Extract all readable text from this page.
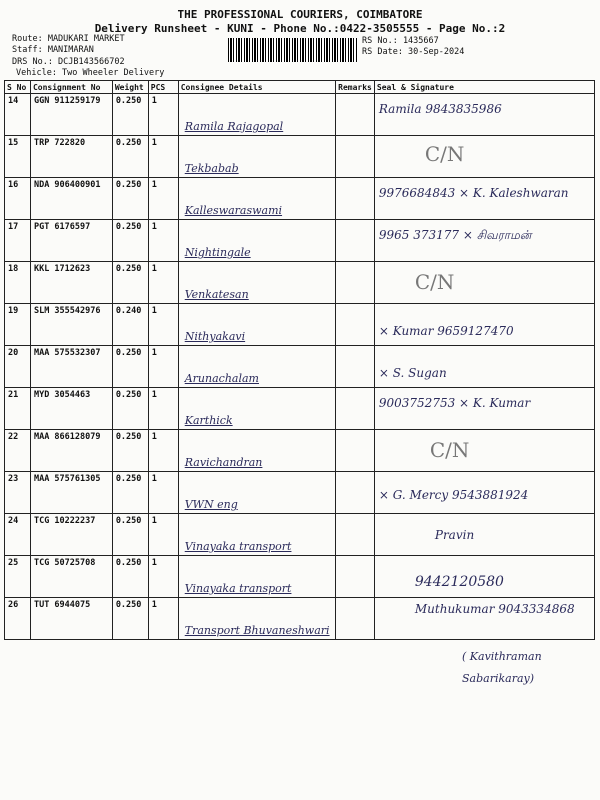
THE PROFESSIONAL COURIERS, COIMBATORE
Delivery Runsheet - KUNI - Phone No.:0422-3505555 - Page No.:2
Route: MADUKARI MARKET
Staff: MANIMARAN
DRS No.: DCJB143566702
Vehicle: Two Wheeler Delivery
RS No.: 1435667
RS Date: 30-Sep-2024
S No	Consignment No	Weight	PCS	Consignee Details	Remarks	Seal & Signature
14	GGN 911259179	0.250	1	Ramila Rajagopal		Ramila 9843835986

15	TRP 722820	0.250	1	Tekbabab		C/N

16	NDA 906400901	0.250	1	Kalleswaraswami		9976684843 × K. Kaleshwaran

17	PGT 6176597	0.250	1	Nightingale		9965 373177 × சிவராமன்

18	KKL 1712623	0.250	1	Venkatesan		C/N

19	SLM 355542976	0.240	1	Nithyakavi		× Kumar 9659127470

20	MAA 575532307	0.250	1	Arunachalam		× S. Sugan

21	MYD 3054463	0.250	1	Karthick		9003752753 × K. Kumar

22	MAA 866128079	0.250	1	Ravichandran		C/N

23	MAA 575761305	0.250	1	VWN eng		× G. Mercy 9543881924

24	TCG 10222237	0.250	1	Vinayaka transport		Pravin

25	TCG 50725708	0.250	1	Vinayaka transport		9442120580

26	TUT 6944075	0.250	1	Transport Bhuvaneshwari		Muthukumar 9043334868
( Kavithraman Sabarikaray)
